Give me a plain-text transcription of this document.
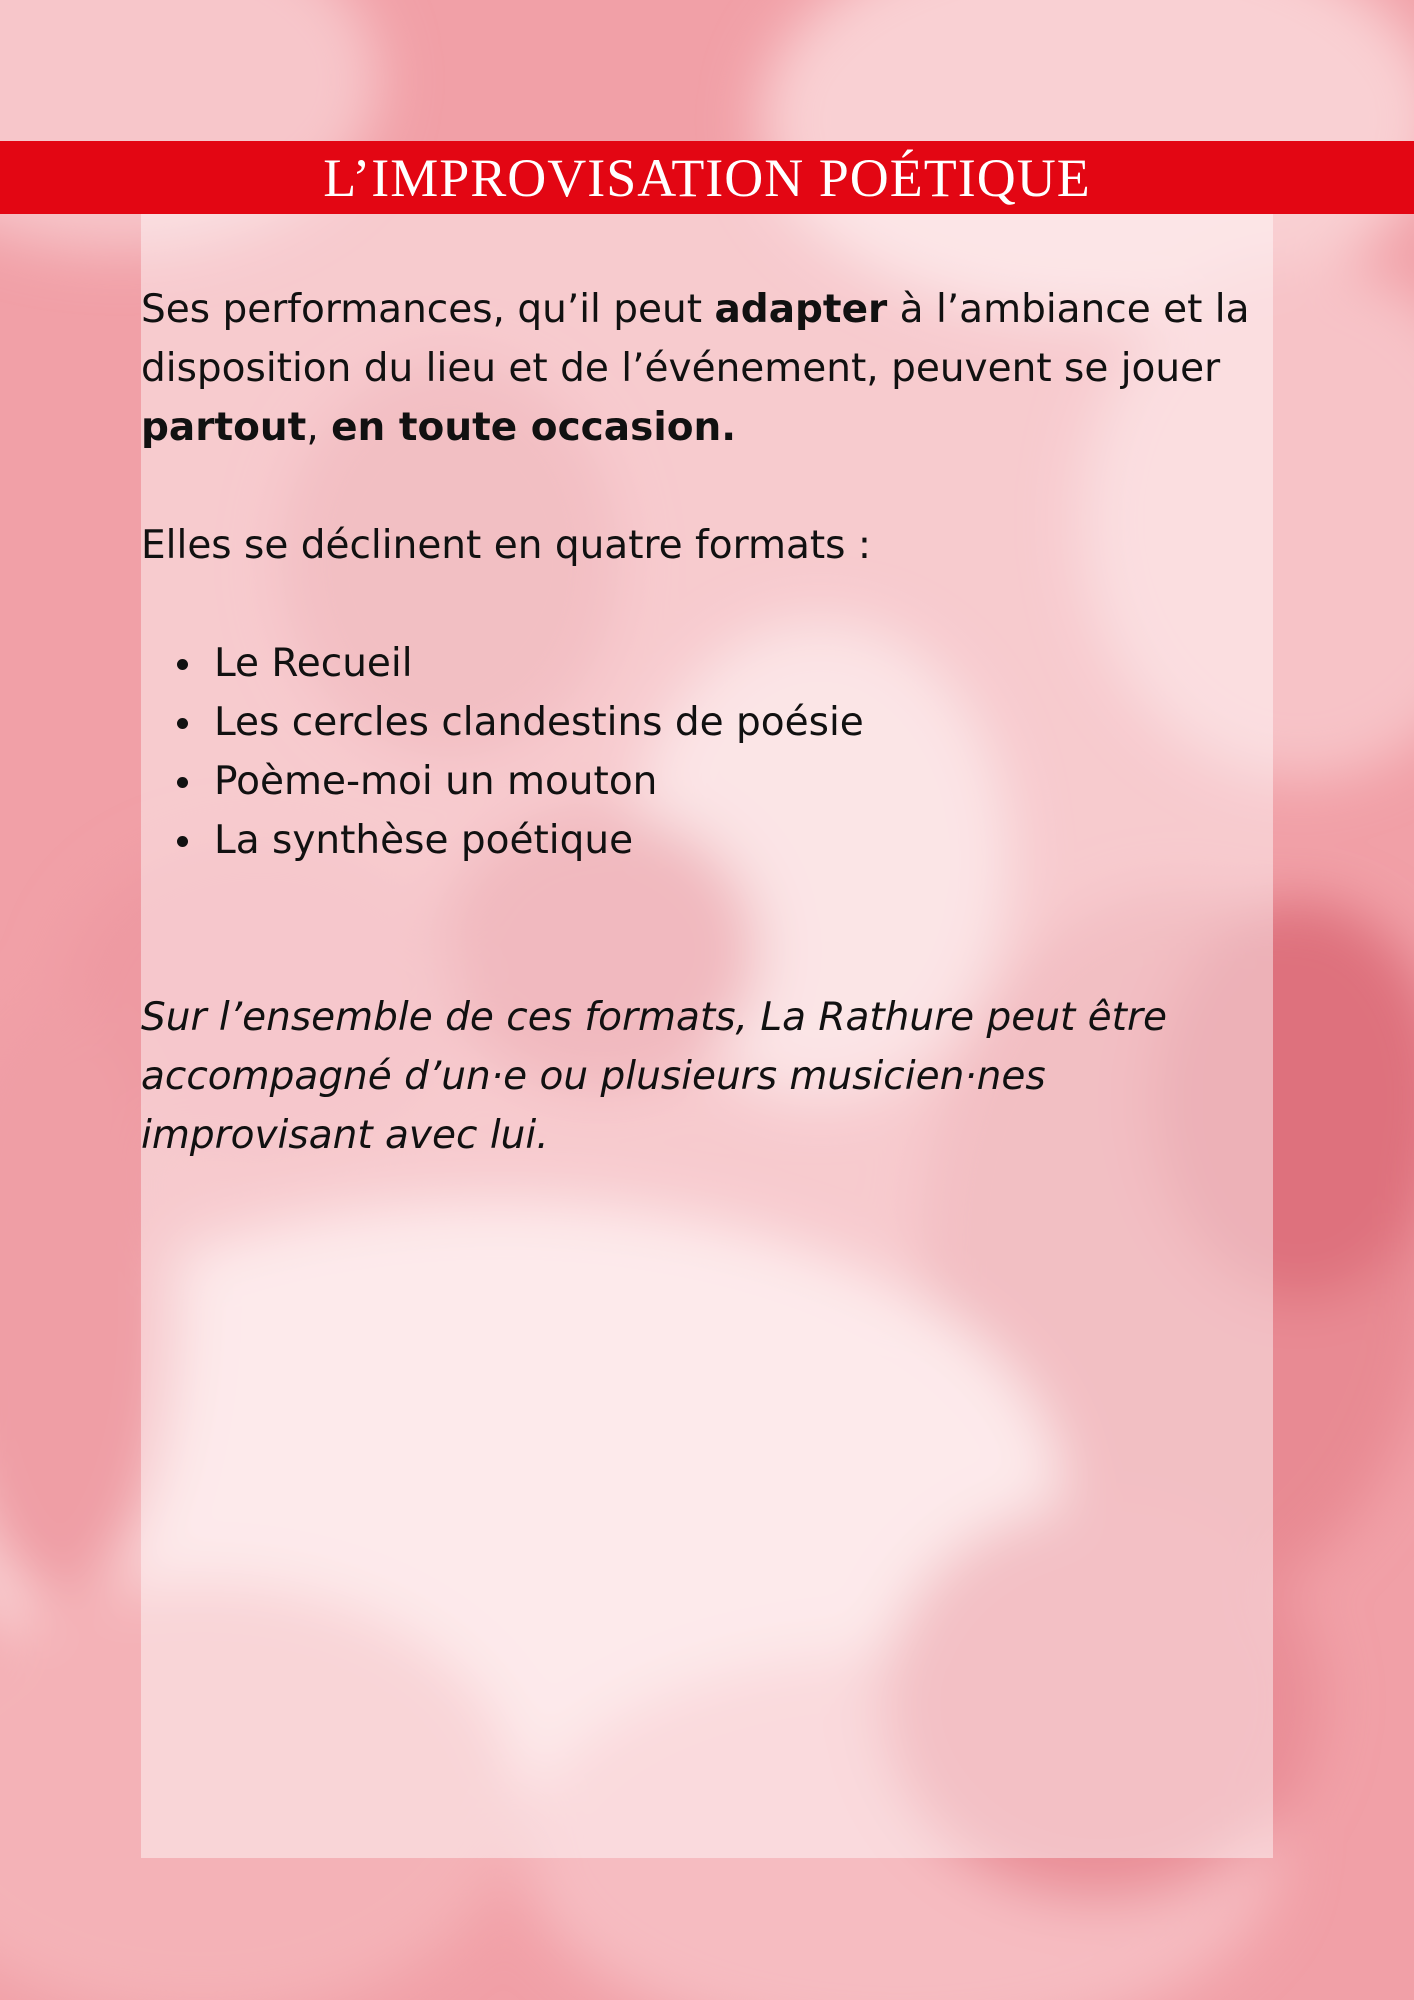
L’IMPROVISATION POÉTIQUE

Ses performances, qu’il peut adapter à l’ambiance et la disposition du lieu et de l’événement, peuvent se jouer partout, en toute occasion.

Elles se déclinent en quatre formats :

Le Recueil
Les cercles clandestins de poésie
Poème-moi un mouton
La synthèse poétique

Sur l’ensemble de ces formats, La Rathure peut être accompagné d’un·e ou plusieurs musicien·nes improvisant avec lui.
